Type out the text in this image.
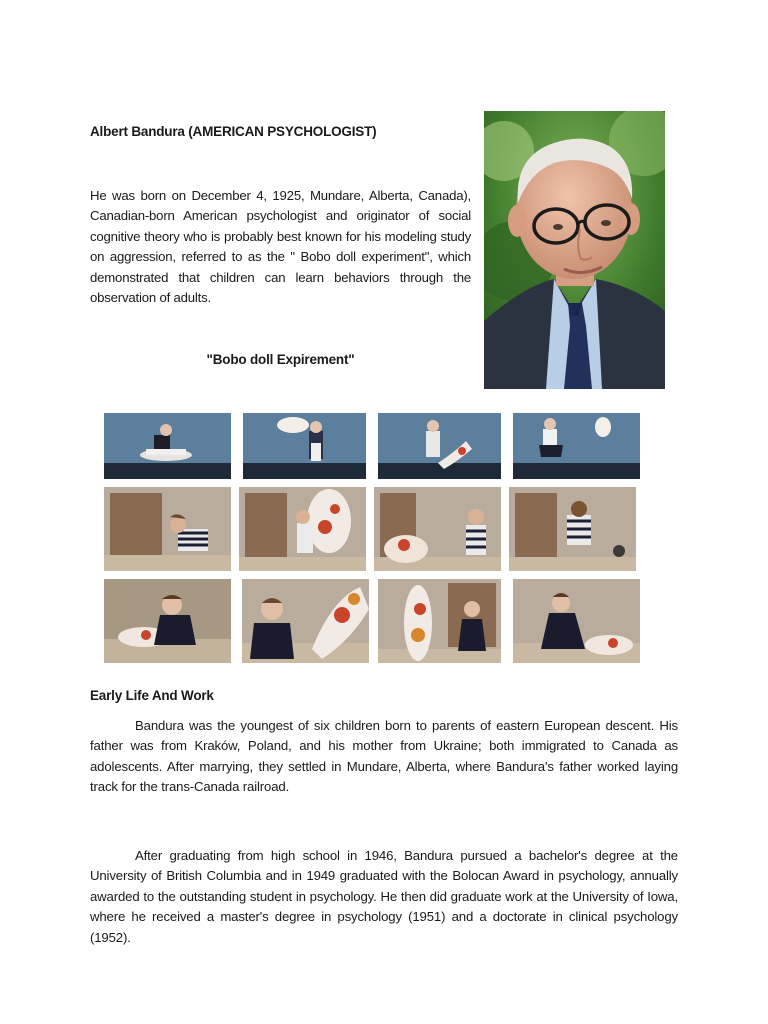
Albert Bandura (AMERICAN PSYCHOLOGIST)
He was born on December 4, 1925, Mundare, Alberta, Canada), Canadian-born American psychologist and originator of social cognitive theory who is probably best known for his modeling study on aggression, referred to as the " Bobo doll experiment", which demonstrated that children can learn behaviors through the observation of adults.
"Bobo doll Expirement"
Early Life And Work

Bandura was the youngest of six children born to parents of eastern European descent. His father was from Kraków, Poland, and his mother from Ukraine; both immigrated to Canada as adolescents. After marrying, they settled in Mundare, Alberta, where Bandura's father worked laying track for the trans-Canada railroad.

After graduating from high school in 1946, Bandura pursued a bachelor's degree at the University of British Columbia and in 1949 graduated with the Bolocan Award in psychology, annually awarded to the outstanding student in psychology. He then did graduate work at the University of Iowa, where he received a master's degree in psychology (1951) and a doctorate in clinical psychology (1952).
